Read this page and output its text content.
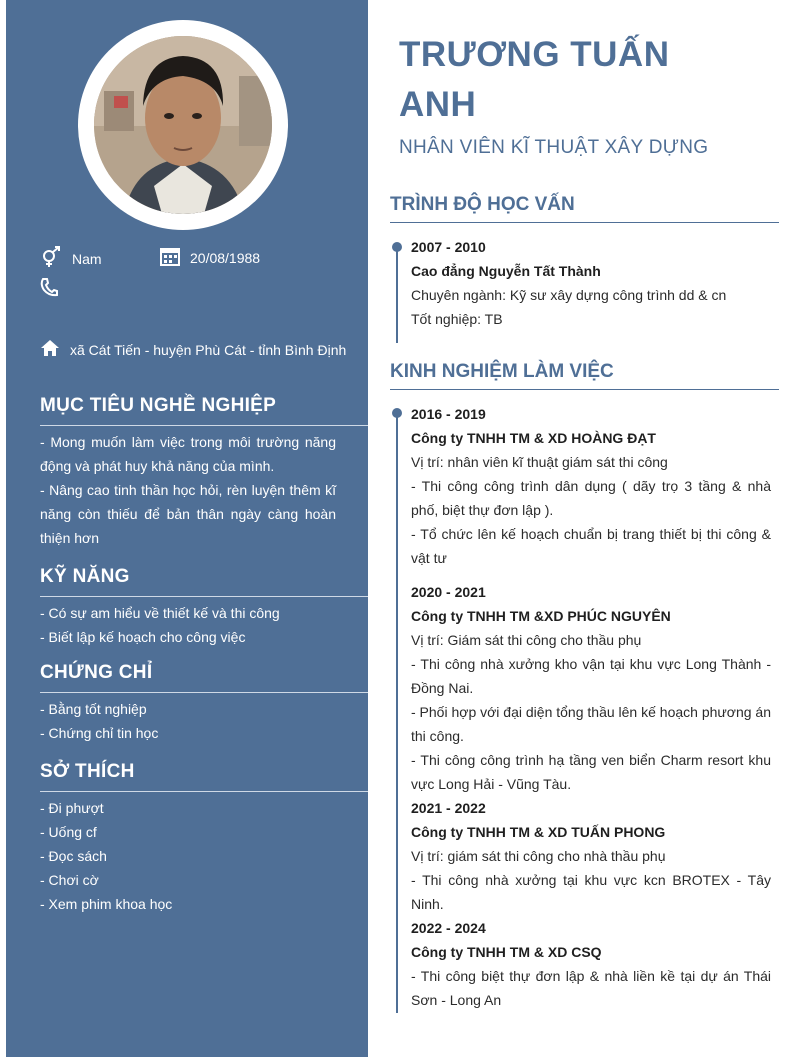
Nam	20/08/1988
xã Cát Tiến - huyện Phù Cát - tỉnh Bình Định
MỤC TIÊU NGHỀ NGHIỆP
- Mong muốn làm việc trong môi trường năng động và phát huy khả năng của mình.
- Nâng cao tinh thần học hỏi, rèn luyện thêm kĩ năng còn thiếu để bản thân ngày càng hoàn thiện hơn
KỸ NĂNG
- Có sự am hiểu về thiết kế và thi công
- Biết lập kế hoạch cho công việc
CHỨNG CHỈ
- Bằng tốt nghiệp
- Chứng chỉ tin học
SỞ THÍCH
- Đi phượt
- Uống cf
- Đọc sách
- Chơi cờ
- Xem phim khoa học
TRƯƠNG TUẤN
ANH
NHÂN VIÊN KĨ THUẬT XÂY DỰNG
TRÌNH ĐỘ HỌC VẤN
2007 - 2010
Cao đẳng Nguyễn Tất Thành
Chuyên ngành: Kỹ sư xây dựng công trình dd & cn
Tốt nghiệp: TB
KINH NGHIỆM LÀM VIỆC
2016 - 2019
Công ty TNHH TM & XD HOÀNG ĐẠT
Vị trí: nhân viên kĩ thuật giám sát thi công
- Thi công công trình dân dụng ( dãy trọ 3 tầng & nhà phố, biệt thự đơn lập ).
- Tổ chức lên kế hoạch chuẩn bị trang thiết bị thi công & vật tư
2020 - 2021
Công ty TNHH TM &XD PHÚC NGUYÊN
Vị trí: Giám sát thi công cho thầu phụ
- Thi công nhà xưởng kho vận tại khu vực Long Thành - Đồng Nai.
- Phối hợp với đại diện tổng thầu lên kế hoạch phương án thi công.
- Thi công công trình hạ tầng ven biển Charm resort khu vực Long Hải - Vũng Tàu.
2021 - 2022
Công ty TNHH TM & XD TUẤN PHONG
Vị trí: giám sát thi công cho nhà thầu phụ
- Thi công nhà xưởng tại khu vực kcn BROTEX - Tây Ninh.
2022 - 2024
Công ty TNHH TM & XD CSQ
- Thi công biệt thự đơn lập & nhà liền kề tại dự án Thái Sơn - Long An
